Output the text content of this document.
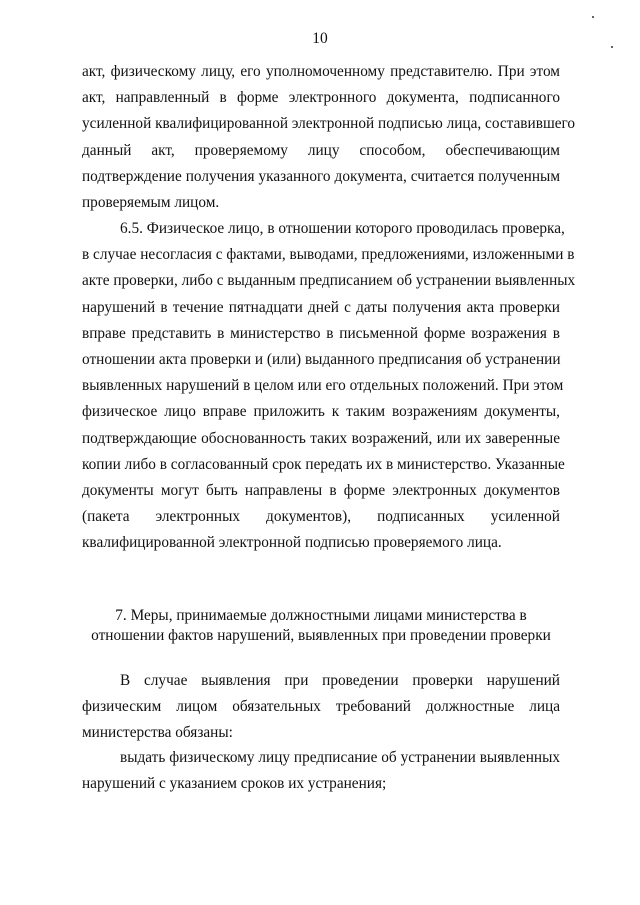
10
акт, физическому лицу, его уполномоченному представителю. При этом
акт, направленный в форме электронного документа, подписанного
усиленной квалифицированной электронной подписью лица, составившего
данный акт, проверяемому лицу способом, обеспечивающим
подтверждение получения указанного документа, считается полученным
проверяемым лицом.
6.5. Физическое лицо, в отношении которого проводилась проверка,
в случае несогласия с фактами, выводами, предложениями, изложенными в
акте проверки, либо с выданным предписанием об устранении выявленных
нарушений в течение пятнадцати дней с даты получения акта проверки
вправе представить в министерство в письменной форме возражения в
отношении акта проверки и (или) выданного предписания об устранении
выявленных нарушений в целом или его отдельных положений. При этом
физическое лицо вправе приложить к таким возражениям документы,
подтверждающие обоснованность таких возражений, или их заверенные
копии либо в согласованный срок передать их в министерство. Указанные
документы могут быть направлены в форме электронных документов
(пакета электронных документов), подписанных усиленной
квалифицированной электронной подписью проверяемого лица.
7. Меры, принимаемые должностными лицами министерства в
отношении фактов нарушений, выявленных при проведении проверки
В случае выявления при проведении проверки нарушений
физическим лицом обязательных требований должностные лица
министерства обязаны:
выдать физическому лицу предписание об устранении выявленных
нарушений с указанием сроков их устранения;
